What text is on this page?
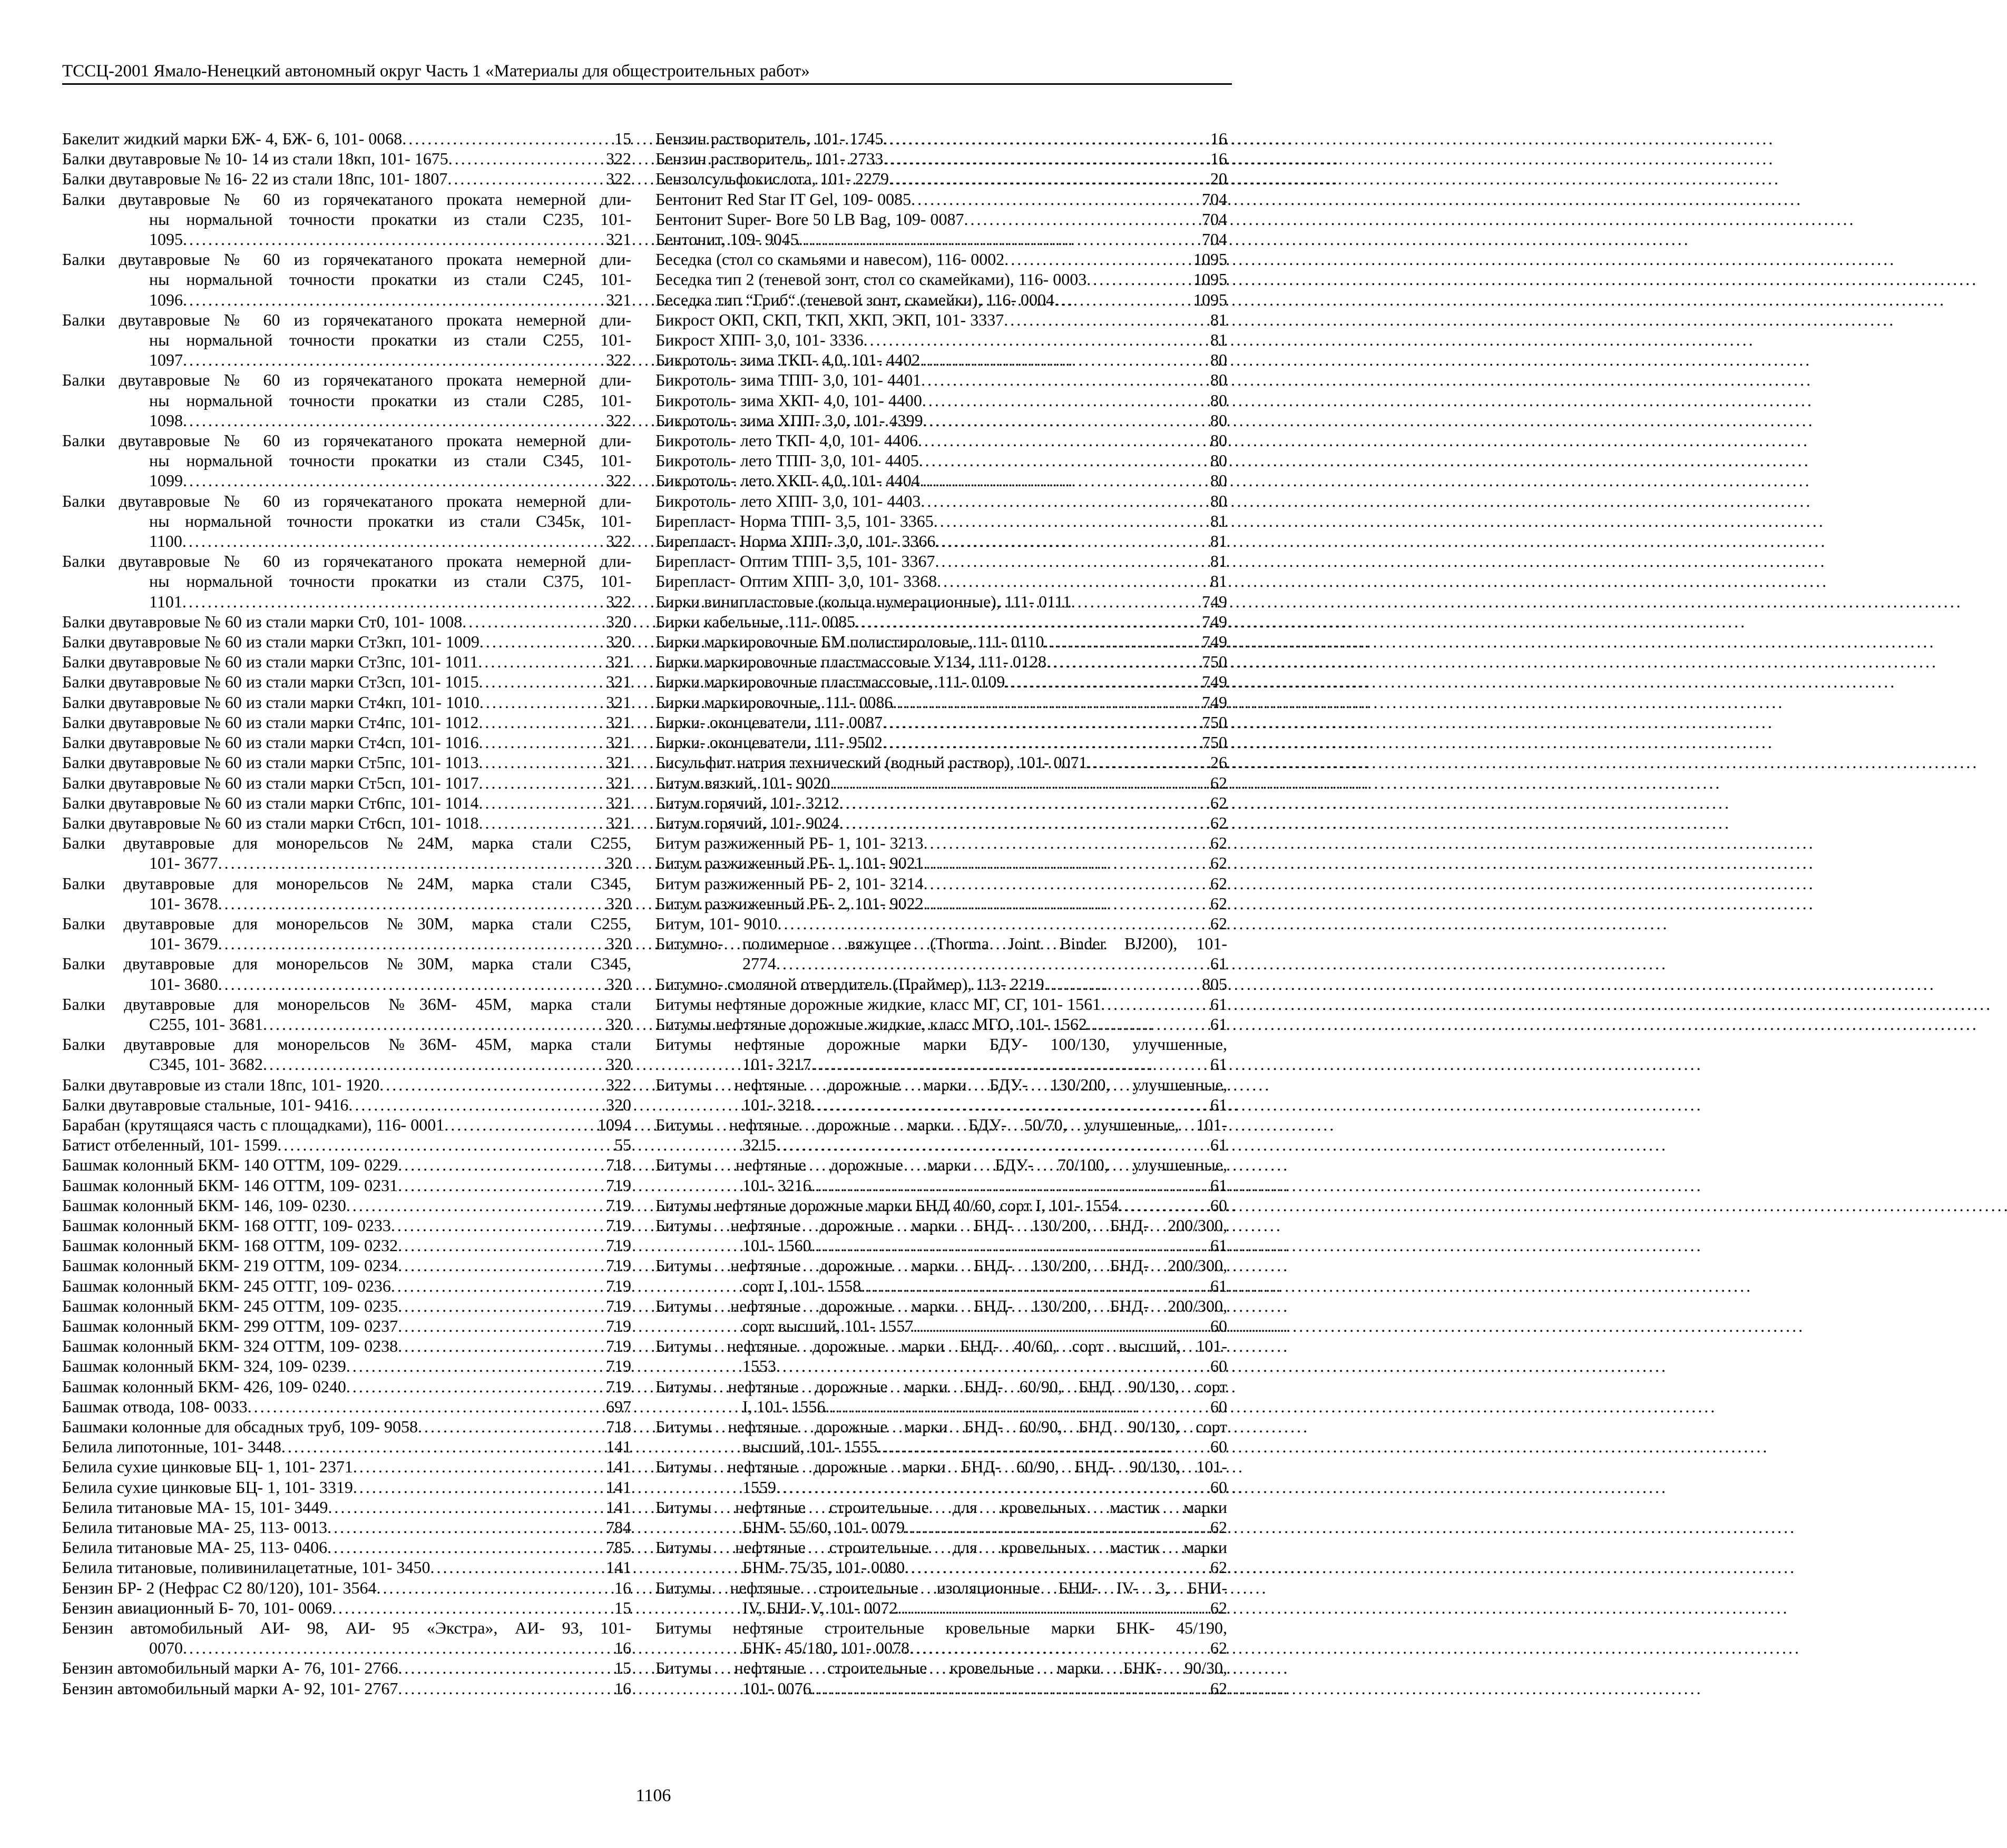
ТССЦ-2001 Ямало-Ненецкий автономный округ Часть 1 «Материалы для общестроительных работ»
Бакелит жидкий марки БЖ- 4, БЖ- 6, 101- 0068 . . .	15
Балки двутавровые № 10- 14 из стали 18кп, 101- 1675 . . .	322
Балки двутавровые № 16- 22 из стали 18пс, 101- 1807 . . .	322
Балки двутавровые № 60 из горячекатаного проката немерной дли-
ны нормальной точности прокатки из стали С235, 101-
1095 . . .	321
Балки двутавровые № 60 из горячекатаного проката немерной дли-
ны нормальной точности прокатки из стали С245, 101-
1096 . . .	321
Балки двутавровые № 60 из горячекатаного проката немерной дли-
ны нормальной точности прокатки из стали С255, 101-
1097 . . .	322
Балки двутавровые № 60 из горячекатаного проката немерной дли-
ны нормальной точности прокатки из стали С285, 101-
1098 . . .	322
Балки двутавровые № 60 из горячекатаного проката немерной дли-
ны нормальной точности прокатки из стали С345, 101-
1099 . . .	322
Балки двутавровые № 60 из горячекатаного проката немерной дли-
ны нормальной точности прокатки из стали С345к, 101-
1100 . . .	322
Балки двутавровые № 60 из горячекатаного проката немерной дли-
ны нормальной точности прокатки из стали С375, 101-
1101 . . .	322
Балки двутавровые № 60 из стали марки Ст0, 101- 1008 . . .	320
Балки двутавровые № 60 из стали марки Ст3кп, 101- 1009 . . .	320
Балки двутавровые № 60 из стали марки Ст3пс, 101- 1011 . . .	321
Балки двутавровые № 60 из стали марки Ст3сп, 101- 1015 . . .	321
Балки двутавровые № 60 из стали марки Ст4кп, 101- 1010 . . .	321
Балки двутавровые № 60 из стали марки Ст4пс, 101- 1012 . . .	321
Балки двутавровые № 60 из стали марки Ст4сп, 101- 1016 . . .	321
Балки двутавровые № 60 из стали марки Ст5пс, 101- 1013 . . .	321
Балки двутавровые № 60 из стали марки Ст5сп, 101- 1017 . . .	321
Балки двутавровые № 60 из стали марки Ст6пс, 101- 1014 . . .	321
Балки двутавровые № 60 из стали марки Ст6сп, 101- 1018 . . .	321
Балки двутавровые для монорельсов №24М, марка стали С255,
101- 3677 . . .	320
Балки двутавровые для монорельсов №24М, марка стали С345,
101- 3678 . . .	320
Балки двутавровые для монорельсов №30М, марка стали С255,
101- 3679 . . .	320
Балки двутавровые для монорельсов №30М, марка стали С345,
101- 3680 . . .	320
Балки двутавровые для монорельсов №36М- 45М, марка стали
С255, 101- 3681 . . .	320
Балки двутавровые для монорельсов №36М- 45М, марка стали
С345, 101- 3682 . . .	320
Балки двутавровые из стали 18пс, 101- 1920 . . .	322
Балки двутавровые стальные, 101- 9416 . . .	320
Барабан (крутящаяся часть с площадками), 116- 0001 . . .	1094
Батист отбеленный, 101- 1599 . . .	55
Башмак колонный БКМ- 140 ОТТМ, 109- 0229 . . .	718
Башмак колонный БКМ- 146 ОТТМ, 109- 0231 . . .	719
Башмак колонный БКМ- 146, 109- 0230 . . .	719
Башмак колонный БКМ- 168 ОТТГ, 109- 0233 . . .	719
Башмак колонный БКМ- 168 ОТТМ, 109- 0232 . . .	719
Башмак колонный БКМ- 219 ОТТМ, 109- 0234 . . .	719
Башмак колонный БКМ- 245 ОТТГ, 109- 0236 . . .	719
Башмак колонный БКМ- 245 ОТТМ, 109- 0235 . . .	719
Башмак колонный БКМ- 299 ОТТМ, 109- 0237 . . .	719
Башмак колонный БКМ- 324 ОТТМ, 109- 0238 . . .	719
Башмак колонный БКМ- 324, 109- 0239 . . .	719
Башмак колонный БКМ- 426, 109- 0240 . . .	719
Башмак отвода, 108- 0033 . . .	697
Башмаки колонные для обсадных труб, 109- 9058 . . .	718
Белила липотонные, 101- 3448 . . .	141
Белила сухие цинковые БЦ- 1, 101- 2371 . . .	141
Белила сухие цинковые БЦ- 1, 101- 3319 . . .	141
Белила титановые МА- 15, 101- 3449 . . .	141
Белила титановые МА- 25, 113- 0013 . . .	784
Белила титановые МА- 25, 113- 0406 . . .	785
Белила титановые, поливинилацетатные, 101- 3450 . . .	141
Бензин БР- 2 (Нефрас С2 80/120), 101- 3564 . . .	16
Бензин авиационный Б- 70, 101- 0069 . . .	15
Бензин автомобильный АИ- 98, АИ- 95 «Экстра», АИ- 93, 101-
0070 . . .	16
Бензин автомобильный марки А- 76, 101- 2766 . . .	15
Бензин автомобильный марки А- 92, 101- 2767 . . .	16
Бензин растворитель, 101- 1745 . . .	16
Бензин растворитель, 101- 2733 . . .	16
Бензолсульфокислота, 101- 2279 . . .	20
Бентонит Red Star IT Gel, 109- 0085 . . .	704
Бентонит Super- Bore 50 LB Bag, 109- 0087 . . .	704
Бентонит, 109- 9045 . . .	704
Беседка (стол со скамьями и навесом), 116- 0002 . . .	1095
Беседка тип 2 (теневой зонт, стол со скамейками), 116- 0003 . . .	1095
Беседка тип “Гриб“ (теневой зонт, скамейки), 116- 0004 . . .	1095
Бикрост ОКП, СКП, ТКП, ХКП, ЭКП, 101- 3337 . . .	81
Бикрост ХПП- 3,0, 101- 3336 . . .	81
Бикротоль- зима ТКП- 4,0, 101- 4402 . . .	80
Бикротоль- зима ТПП- 3,0, 101- 4401 . . .	80
Бикротоль- зима ХКП- 4,0, 101- 4400 . . .	80
Бикротоль- зима ХПП- 3,0, 101- 4399 . . .	80
Бикротоль- лето ТКП- 4,0, 101- 4406 . . .	80
Бикротоль- лето ТПП- 3,0, 101- 4405 . . .	80
Бикротоль- лето ХКП- 4,0, 101- 4404 . . .	80
Бикротоль- лето ХПП- 3,0, 101- 4403 . . .	80
Бирепласт- Норма ТПП- 3,5, 101- 3365 . . .	81
Бирепласт- Норма ХПП- 3,0, 101- 3366 . . .	81
Бирепласт- Оптим ТПП- 3,5, 101- 3367 . . .	81
Бирепласт- Оптим ХПП- 3,0, 101- 3368 . . .	81
Бирки винипластовые (кольца нумерационные), 111- 0111 . . .	749
Бирки кабельные, 111- 0085 . . .	749
Бирки маркировочные БМ полистироловые, 111- 0110 . . .	749
Бирки маркировочные пластмассовые У134, 111- 0128 . . .	750
Бирки маркировочные пластмассовые, 111- 0109 . . .	749
Бирки маркировочные, 111- 0086 . . .	749
Бирки- оконцеватели, 111- 0087 . . .	750
Бирки- оконцеватели, 111- 9502 . . .	750
Бисульфит натрия технический (водный раствор), 101- 0071 . . .	26
Битум вязкий, 101- 9020 . . .	62
Битум горячий, 101- 3212 . . .	62
Битум горячий, 101- 9024 . . .	62
Битум разжиженный РБ- 1, 101- 3213 . . .	62
Битум разжиженный РБ- 1, 101- 9021 . . .	62
Битум разжиженный РБ- 2, 101- 3214 . . .	62
Битум разжиженный РБ- 2, 101- 9022 . . .	62
Битум, 101- 9010 . . .	62
Битумно- полимерное вяжущее (Thorma Joint Binder BJ200), 101-
2774 . . .	61
Битумно- смоляной отвердитель (Праймер), 113- 2219 . . .	805
Битумы нефтяные дорожные жидкие, класс МГ, СГ, 101- 1561 . . .	61
Битумы нефтяные дорожные жидкие, класс МГО, 101- 1562 . . .	61
Битумы нефтяные дорожные марки БДУ- 100/130, улучшенные,
101- 3217 . . .	61
Битумы нефтяные дорожные марки БДУ- 130/200, улучшенные,
101- 3218 . . .	61
Битумы нефтяные дорожные марки БДУ- 50/70, улучшенные, 101-
3215 . . .	61
Битумы нефтяные дорожные марки БДУ- 70/100, улучшенные,
101- 3216 . . .	61
Битумы нефтяные дорожные марки БНД 40/60, сорт I, 101- 1554 . . .	60
Битумы нефтяные дорожные марки БНД- 130/200, БНД- 200/300,
101- 1560 . . .	61
Битумы нефтяные дорожные марки БНД- 130/200, БНД- 200/300,
сорт I, 101- 1558 . . .	61
Битумы нефтяные дорожные марки БНД- 130/200, БНД- 200/300,
сорт высший, 101- 1557 . . .	60
Битумы нефтяные дорожные марки БНД- 40/60, сорт высший, 101-
1553 . . .	60
Битумы нефтяные дорожные марки БНД- 60/90, БНД 90/130, сорт
I, 101- 1556 . . .	60
Битумы нефтяные дорожные марки БНД- 60/90, БНД 90/130, сорт
высший, 101- 1555 . . .	60
Битумы нефтяные дорожные марки БНД- 60/90, БНД- 90/130, 101-
1559 . . .	60
Битумы нефтяные строительные для кровельных мастик марки
БНМ- 55/60, 101- 0079 . . .	62
Битумы нефтяные строительные для кровельных мастик марки
БНМ- 75/35, 101- 0080 . . .	62
Битумы нефтяные строительные изоляционные БНИ- IV- 3, БНИ-
IV, БНИ- V, 101- 0072 . . .	62
Битумы нефтяные строительные кровельные марки БНК- 45/190,
БНК- 45/180, 101- 0078 . . .	62
Битумы нефтяные строительные кровельные марки БНК- 90/30,
101- 0076 . . .	62
1106
